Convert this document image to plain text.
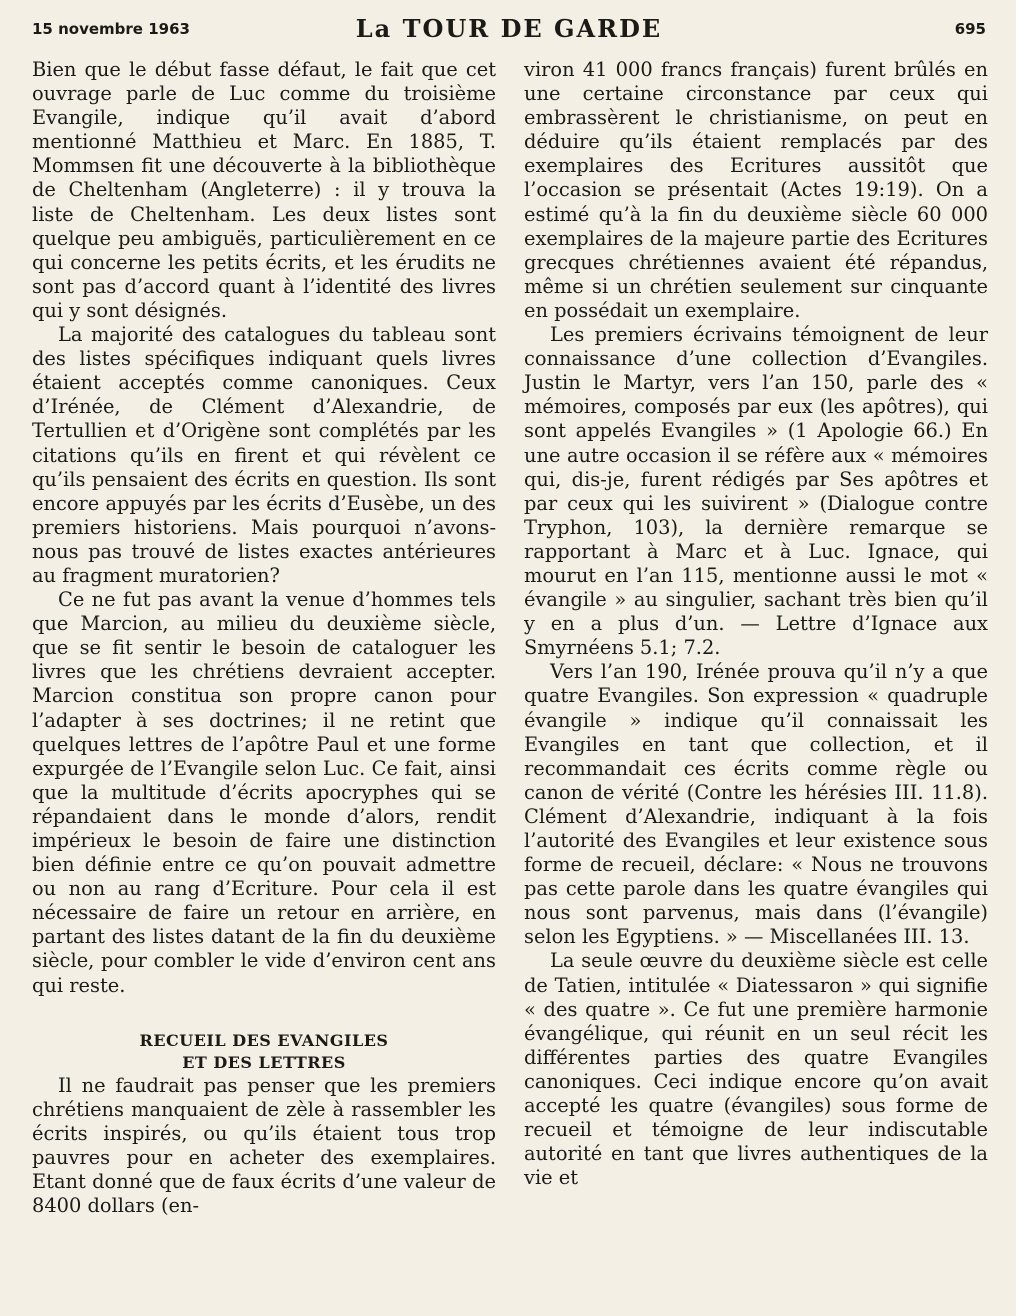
15 novembre 1963	La TOUR DE GARDE	695

Bien que le début fasse défaut, le fait que cet ouvrage parle de Luc comme du troisième Evangile, indique qu’il avait d’abord mentionné Matthieu et Marc. En 1885, T. Mommsen fit une découverte à la bibliothèque de Cheltenham (Angleterre) : il y trouva la liste de Cheltenham. Les deux listes sont quelque peu ambiguës, particulièrement en ce qui concerne les petits écrits, et les érudits ne sont pas d’accord quant à l’identité des livres qui y sont désignés.

La majorité des catalogues du tableau sont des listes spécifiques indiquant quels livres étaient acceptés comme canoniques. Ceux d’Irénée, de Clément d’Alexandrie, de Tertullien et d’Origène sont complétés par les citations qu’ils en firent et qui révèlent ce qu’ils pensaient des écrits en question. Ils sont encore appuyés par les écrits d’Eusèbe, un des premiers historiens. Mais pourquoi n’avons-nous pas trouvé de listes exactes antérieures au fragment muratorien?

Ce ne fut pas avant la venue d’hommes tels que Marcion, au milieu du deuxième siècle, que se fit sentir le besoin de cataloguer les livres que les chrétiens devraient accepter. Marcion constitua son propre canon pour l’adapter à ses doctrines; il ne retint que quelques lettres de l’apôtre Paul et une forme expurgée de l’Evangile selon Luc. Ce fait, ainsi que la multitude d’écrits apocryphes qui se répandaient dans le monde d’alors, rendit impérieux le besoin de faire une distinction bien définie entre ce qu’on pouvait admettre ou non au rang d’Ecriture. Pour cela il est nécessaire de faire un retour en arrière, en partant des listes datant de la fin du deuxième siècle, pour combler le vide d’environ cent ans qui reste.

RECUEIL DES EVANGILES
ET DES LETTRES

Il ne faudrait pas penser que les premiers chrétiens manquaient de zèle à rassembler les écrits inspirés, ou qu’ils étaient tous trop pauvres pour en acheter des exemplaires. Etant donné que de faux écrits d’une valeur de 8400 dollars (en-

viron 41 000 francs français) furent brûlés en une certaine circonstance par ceux qui embrassèrent le christianisme, on peut en déduire qu’ils étaient remplacés par des exemplaires des Ecritures aussitôt que l’occasion se présentait (Actes 19:19). On a estimé qu’à la fin du deuxième siècle 60 000 exemplaires de la majeure partie des Ecritures grecques chrétiennes avaient été répandus, même si un chrétien seulement sur cinquante en possédait un exemplaire.

Les premiers écrivains témoignent de leur connaissance d’une collection d’Evangiles. Justin le Martyr, vers l’an 150, parle des « mémoires, composés par eux (les apôtres), qui sont appelés Evangiles » (1 Apologie 66.) En une autre occasion il se réfère aux « mémoires qui, dis-je, furent rédigés par Ses apôtres et par ceux qui les suivirent » (Dialogue contre Tryphon, 103), la dernière remarque se rapportant à Marc et à Luc. Ignace, qui mourut en l’an 115, mentionne aussi le mot « évangile » au singulier, sachant très bien qu’il y en a plus d’un. — Lettre d’Ignace aux Smyrnéens 5.1; 7.2.

Vers l’an 190, Irénée prouva qu’il n’y a que quatre Evangiles. Son expression « quadruple évangile » indique qu’il connaissait les Evangiles en tant que collection, et il recommandait ces écrits comme règle ou canon de vérité (Contre les hérésies III. 11.8). Clément d’Alexandrie, indiquant à la fois l’autorité des Evangiles et leur existence sous forme de recueil, déclare: « Nous ne trouvons pas cette parole dans les quatre évangiles qui nous sont parvenus, mais dans (l’évangile) selon les Egyptiens. » — Miscellanées III. 13.

La seule œuvre du deuxième siècle est celle de Tatien, intitulée « Diatessaron » qui signifie « des quatre ». Ce fut une première harmonie évangélique, qui réunit en un seul récit les différentes parties des quatre Evangiles canoniques. Ceci indique encore qu’on avait accepté les quatre (évangiles) sous forme de recueil et témoigne de leur indiscutable autorité en tant que livres authentiques de la vie et
